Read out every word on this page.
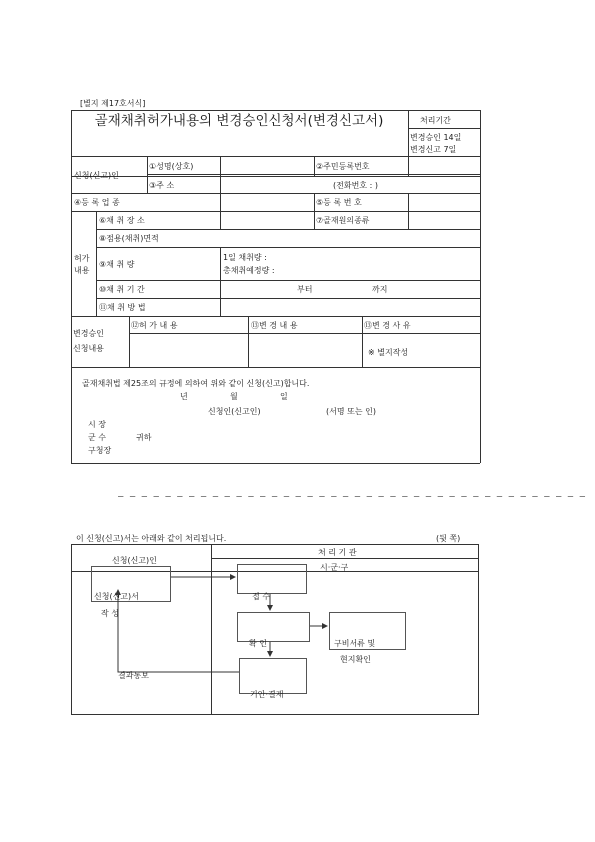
[별지 제17호서식]
골재채취허가내용의 변경승인신청서(변경신고서)	처리기간
변경승인 14일
변경신고 7일
신청(신고)인
①성명(상호)	②주민등록번호
③주 소	(전화번호 : )
④등 록 업 종	⑤등 록 번 호
허가
내용
⑥채 취 장 소	⑦골재원의종류
⑧점용(채취)면적
⑨채 취 량
1일 채취량 :
총채취예정량 :
⑩채 취 기 간	부터	까지
⑪채 취 방 법
변경승인
신청내용
⑫허 가 내 용	⑬변 경 내 용	⑬변 경 사 유
※ 별지작성
골재채취법 제25조의 규정에 의하여 위와 같이 신청(신고)합니다.
년	월	일
신청인(신고인)	(서명 또는 인)
시 장
군 수	귀하
구청장
— — — — — — — — — — — — — — — — — — — — — — — — — — — — — — — — — — — — — — — —
이 신청(신고)서는 아래와 같이 처리됩니다.	(뒷 쪽)
신청(신고)인
처 리 기 관
시·군·구
신청(신고)서
작 성
접 수
확 인	구비서류 및
현지확인
기안·결재
결과통보
